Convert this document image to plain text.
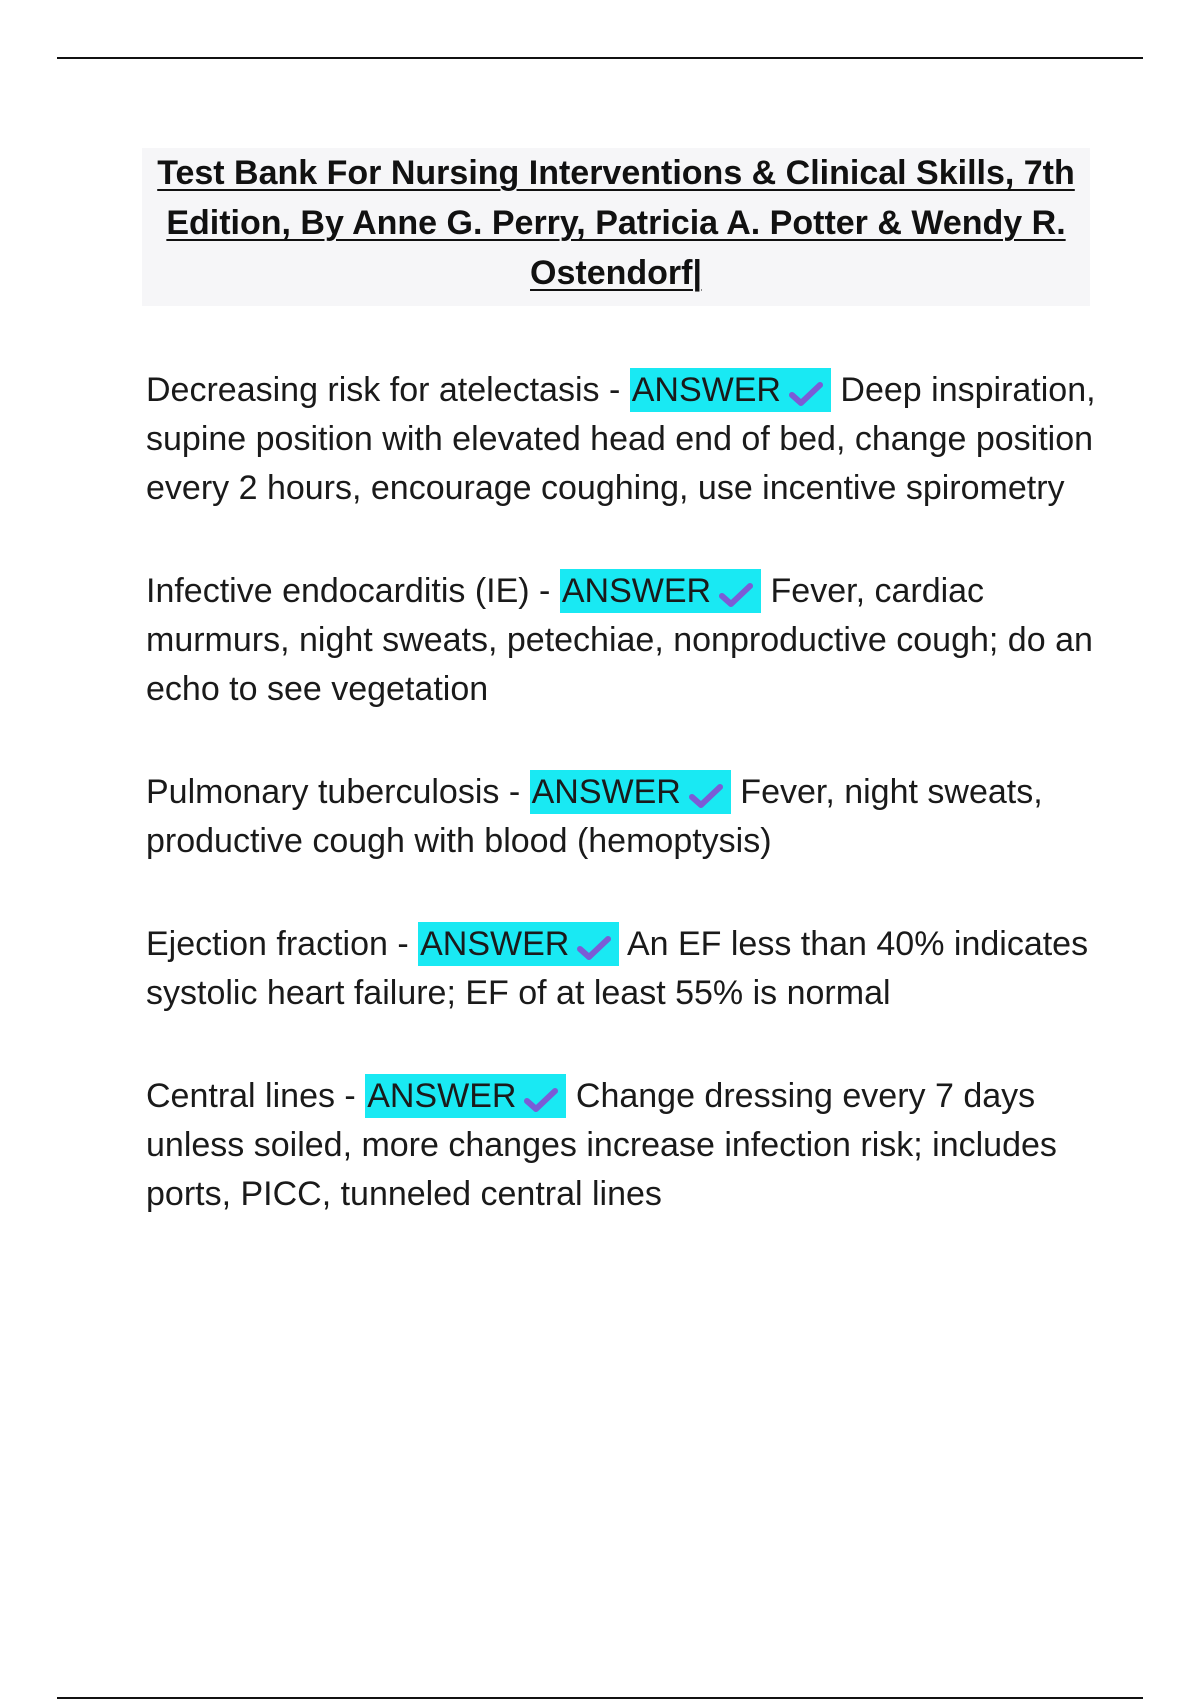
Test Bank For Nursing Interventions & Clinical Skills, 7th Edition, By Anne G. Perry, Patricia A. Potter & Wendy R. Ostendorf|

Decreasing risk for atelectasis - ANSWER Deep inspiration, supine position with elevated head end of bed, change position every 2 hours, encourage coughing, use incentive spirometry

Infective endocarditis (IE) - ANSWER Fever, cardiac murmurs, night sweats, petechiae, nonproductive cough; do an echo to see vegetation

Pulmonary tuberculosis - ANSWER Fever, night sweats, productive cough with blood (hemoptysis)

Ejection fraction - ANSWER An EF less than 40% indicates systolic heart failure; EF of at least 55% is normal

Central lines - ANSWER Change dressing every 7 days unless soiled, more changes increase infection risk; includes ports, PICC, tunneled central lines
